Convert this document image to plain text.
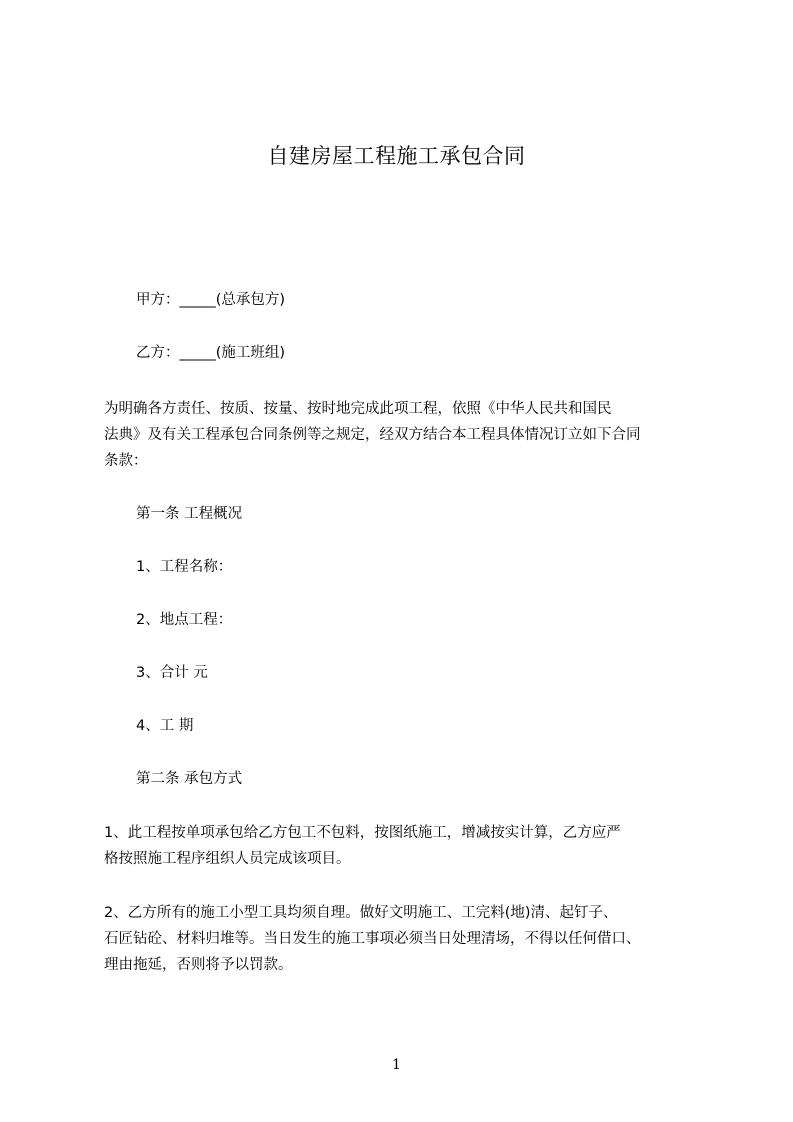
自建房屋工程施工承包合同
甲方：_____(总承包方)
乙方：_____(施工班组)
为明确各方责任、按质、按量、按时地完成此项工程，依照《中华人民共和国民
法典》及有关工程承包合同条例等之规定，经双方结合本工程具体情况订立如下合同
条款：
第一条 工程概况
1、工程名称：
2、地点工程：
3、合计 元
4、工 期
第二条 承包方式
1、此工程按单项承包给乙方包工不包料，按图纸施工，增减按实计算，乙方应严
格按照施工程序组织人员完成该项目。
2、乙方所有的施工小型工具均须自理。做好文明施工、工完料(地)清、起钉子、
石匠钻砼、材料归堆等。当日发生的施工事项必须当日处理清场，不得以任何借口、
理由拖延，否则将予以罚款。
1
